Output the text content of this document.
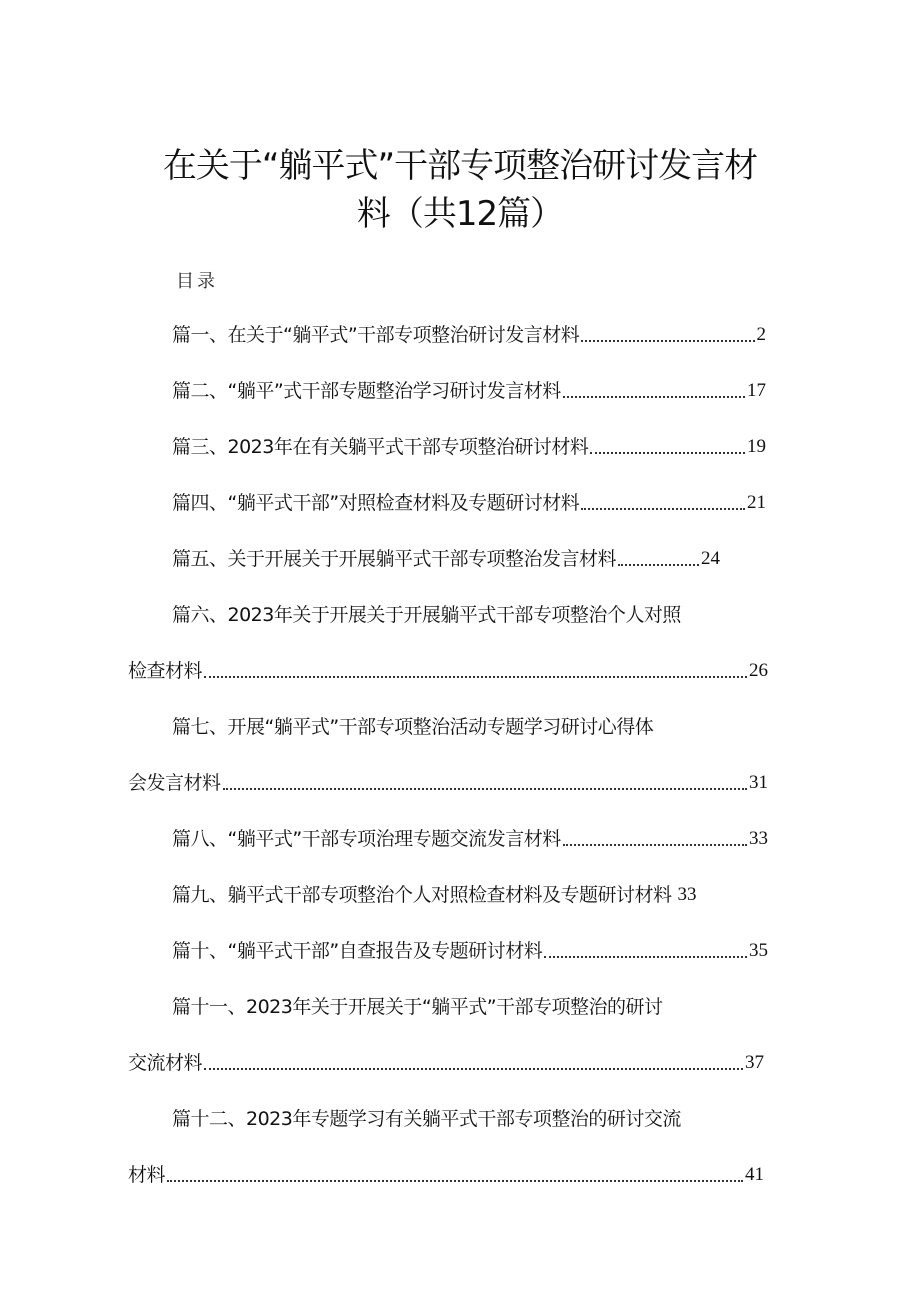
在关于“躺平式”干部专项整治研讨发言材
料（共12篇）
目录
篇一、在关于“躺平式”干部专项整治研讨发言材料	2
篇二、“躺平”式干部专题整治学习研讨发言材料	17
篇三、2023年在有关躺平式干部专项整治研讨材料	19
篇四、“躺平式干部”对照检查材料及专题研讨材料	21
篇五、关于开展关于开展躺平式干部专项整治发言材料	24
篇六、2023年关于开展关于开展躺平式干部专项整治个人对照
检查材料	26
篇七、开展“躺平式”干部专项整治活动专题学习研讨心得体
会发言材料	31
篇八、“躺平式”干部专项治理专题交流发言材料	33
篇九、躺平式干部专项整治个人对照检查材料及专题研讨材料 33
篇十、“躺平式干部”自查报告及专题研讨材料	35
篇十一、2023年关于开展关于“躺平式”干部专项整治的研讨
交流材料	37
篇十二、2023年专题学习有关躺平式干部专项整治的研讨交流
材料	41
